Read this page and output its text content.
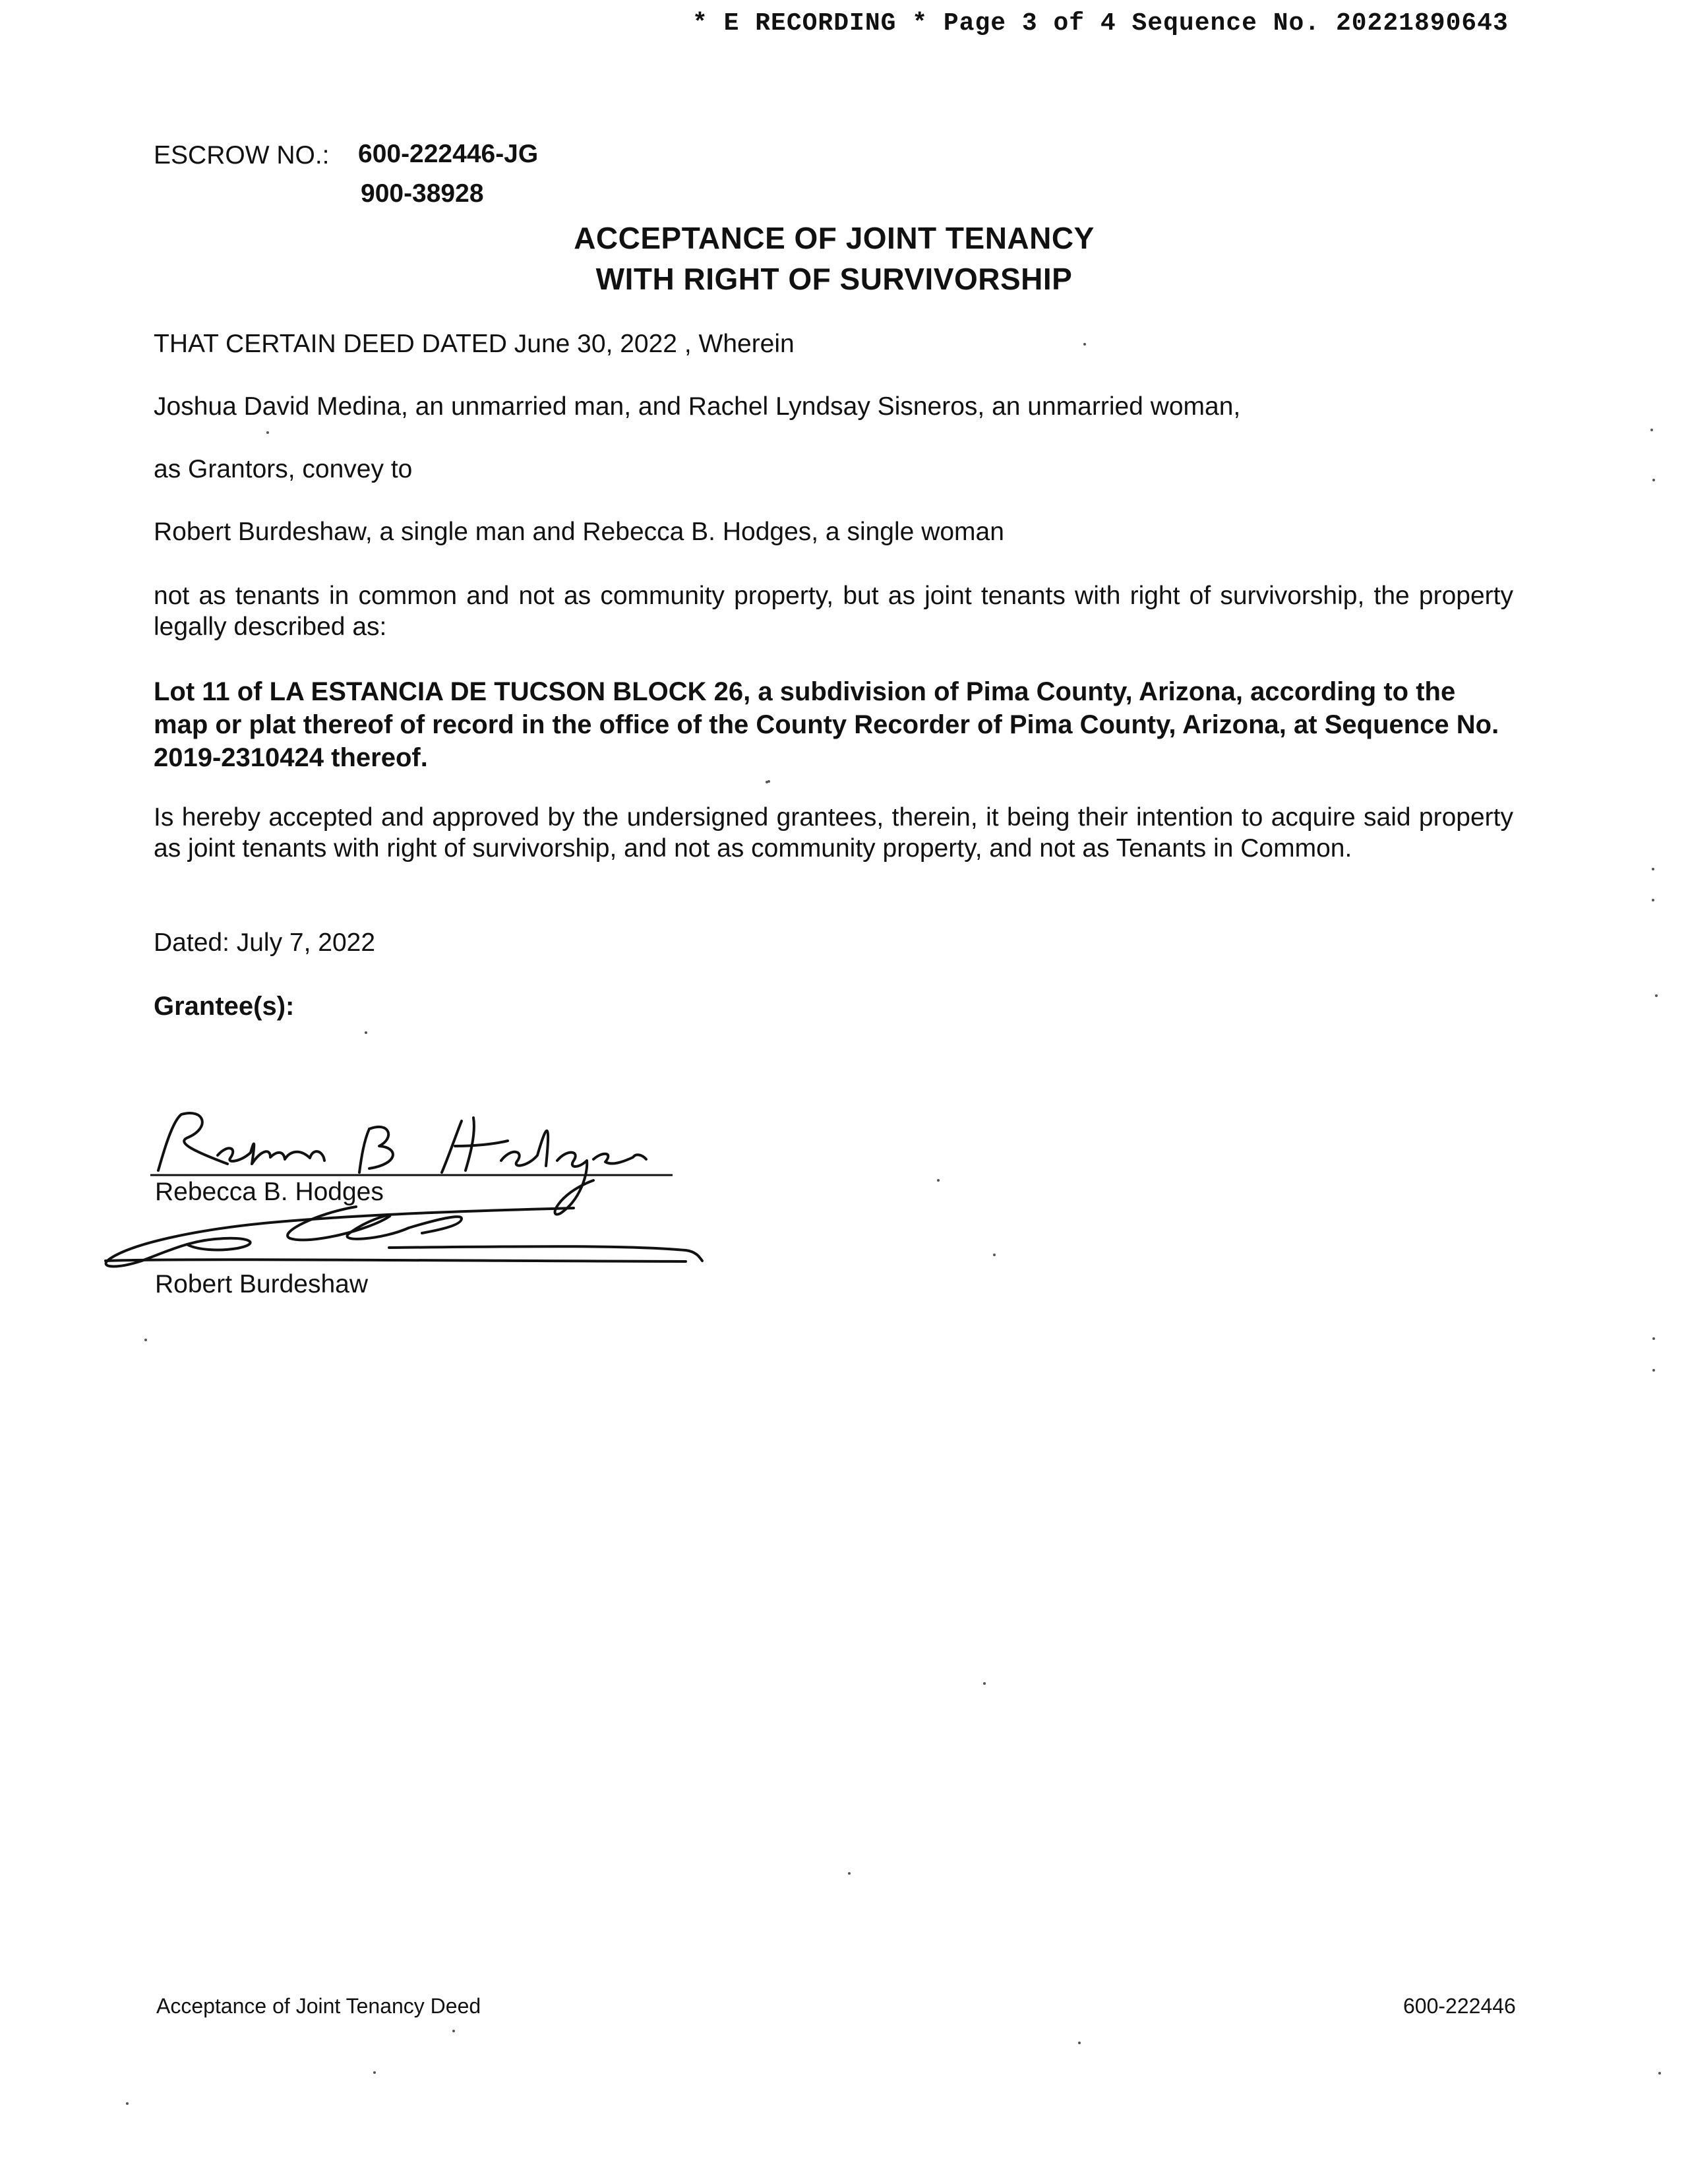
* E RECORDING * Page 3 of 4 Sequence No. 20221890643
ESCROW NO.: 600-222446-JG
900-38928
ACCEPTANCE OF JOINT TENANCY
WITH RIGHT OF SURVIVORSHIP
THAT CERTAIN DEED DATED June 30, 2022 , Wherein
Joshua David Medina, an unmarried man, and Rachel Lyndsay Sisneros, an unmarried woman,
as Grantors, convey to
Robert Burdeshaw, a single man and Rebecca B. Hodges, a single woman

not as tenants in common and not as community property, but as joint tenants with right of survivorship, the property legally described as:

Lot 11 of LA ESTANCIA DE TUCSON BLOCK 26, a subdivision of Pima County, Arizona, according to the map or plat thereof of record in the office of the County Recorder of Pima County, Arizona, at Sequence No. 2019-2310424 thereof.

Is hereby accepted and approved by the undersigned grantees, therein, it being their intention to acquire said property as joint tenants with right of survivorship, and not as community property, and not as Tenants in Common.

Dated: July 7, 2022
Grantee(s):
Rebecca B. Hodges
Robert Burdeshaw
Acceptance of Joint Tenancy Deed	600-222446
